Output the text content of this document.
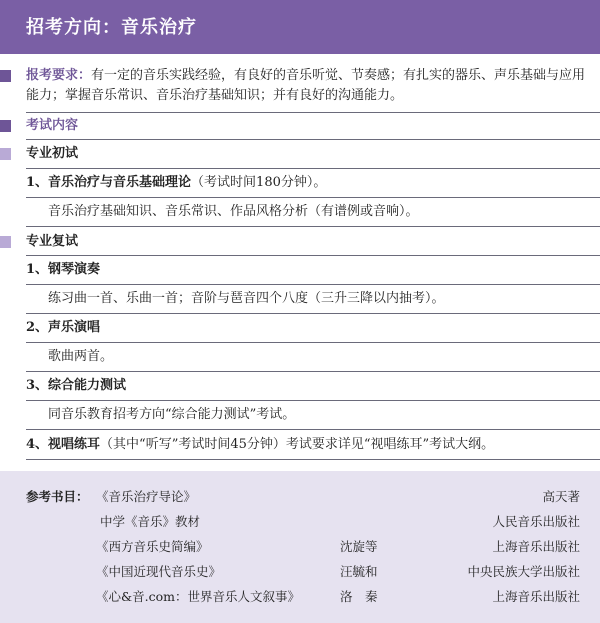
招考方向：音乐治疗
报考要求：有一定的音乐实践经验，有良好的音乐听觉、节奏感；有扎实的器乐、声乐基础与应用能力；掌握音乐常识、音乐治疗基础知识；并有良好的沟通能力。
考试内容
专业初试
1、音乐治疗与音乐基础理论（考试时间180分钟）。
音乐治疗基础知识、音乐常识、作品风格分析（有谱例或音响）。
专业复试
1、钢琴演奏
练习曲一首、乐曲一首；音阶与琶音四个八度（三升三降以内抽考）。
2、声乐演唱
歌曲两首。
3、综合能力测试
同音乐教育招考方向“综合能力测试”考试。
4、视唱练耳（其中“听写”考试时间45分钟）考试要求详见“视唱练耳”考试大纲。
参考书目： 《音乐治疗导论》	高天著
中学《音乐》教材	人民音乐出版社
《西方音乐史简编》	沈旋等	上海音乐出版社
《中国近现代音乐史》	汪毓和	中央民族大学出版社
《心&音.com：世界音乐人文叙事》	洛　秦	上海音乐出版社
